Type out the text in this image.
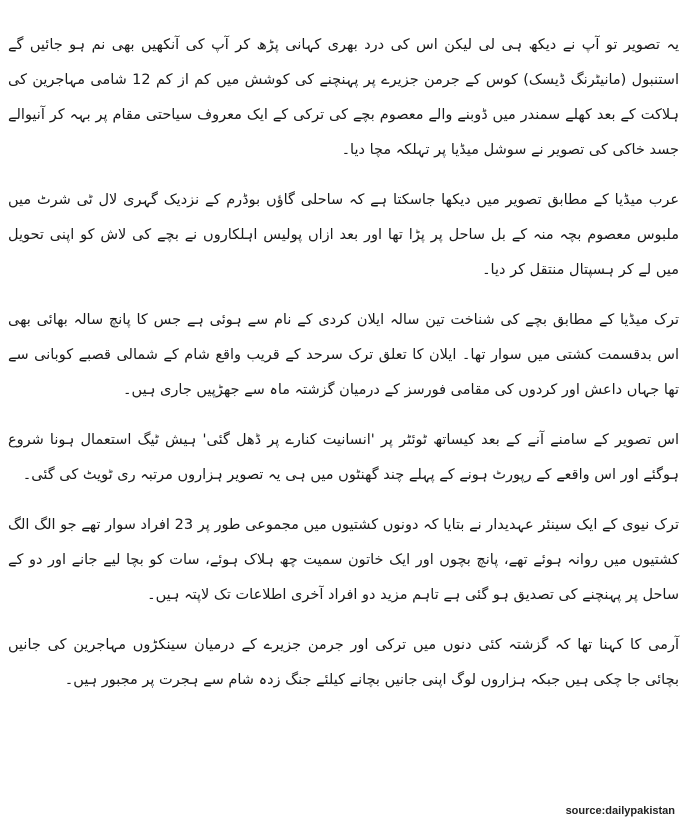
یہ تصویر تو آپ نے دیکھ ہی لی لیکن اس کی درد بھری کہانی پڑھ کر آپ کی آنکھیں بھی نم ہو جائیں گے استنبول (مانیٹرنگ ڈیسک) کوس کے جرمن جزیرے پر پہنچنے کی کوشش میں کم از کم 12 شامی مہاجرین کی ہلاکت کے بعد کھلے سمندر میں ڈوبنے والے معصوم بچے کی ترکی کے ایک معروف سیاحتی مقام پر بہہ کر آنیوالے جسد خاکی کی تصویر نے سوشل میڈیا پر تہلکہ مچا دیا۔

عرب میڈیا کے مطابق تصویر میں دیکھا جاسکتا ہے کہ ساحلی گاؤں بوڈرم کے نزدیک گہری لال ٹی شرٹ میں ملبوس معصوم بچہ منہ کے بل ساحل پر پڑا تھا اور بعد ازاں پولیس اہلکاروں نے بچے کی لاش کو اپنی تحویل میں لے کر ہسپتال منتقل کر دیا۔

ترک میڈیا کے مطابق بچے کی شناخت تین سالہ ایلان کردی کے نام سے ہوئی ہے جس کا پانچ سالہ بھائی بھی اس بدقسمت کشتی میں سوار تھا۔ ایلان کا تعلق ترک سرحد کے قریب واقع شام کے شمالی قصبے کوبانی سے تھا جہاں داعش اور کردوں کی مقامی فورسز کے درمیان گزشتہ ماہ سے جھڑپیں جاری ہیں۔

اس تصویر کے سامنے آنے کے بعد کیساتھ ٹوئٹر پر 'انسانیت کنارے پر ڈھل گئی' ہیش ٹیگ استعمال ہونا شروع ہوگئے اور اس واقعے کے رپورٹ ہونے کے پہلے چند گھنٹوں میں ہی یہ تصویر ہزاروں مرتبہ ری ٹویٹ کی گئی۔

ترک نیوی کے ایک سینئر عہدیدار نے بتایا کہ دونوں کشتیوں میں مجموعی طور پر 23 افراد سوار تھے جو الگ الگ کشتیوں میں روانہ ہوئے تھے، پانچ بچوں اور ایک خاتون سمیت چھ ہلاک ہوئے، سات کو بچا لیے جانے اور دو کے ساحل پر پہنچنے کی تصدیق ہو گئی ہے تاہم مزید دو افراد آخری اطلاعات تک لاپتہ ہیں۔

آرمی کا کہنا تھا کہ گزشتہ کئی دنوں میں ترکی اور جرمن جزیرے کے درمیان سینکڑوں مہاجرین کی جانیں بچائی جا چکی ہیں جبکہ ہزاروں لوگ اپنی جانیں بچانے کیلئے جنگ زدہ شام سے ہجرت پر مجبور ہیں۔

source:dailypakistan
